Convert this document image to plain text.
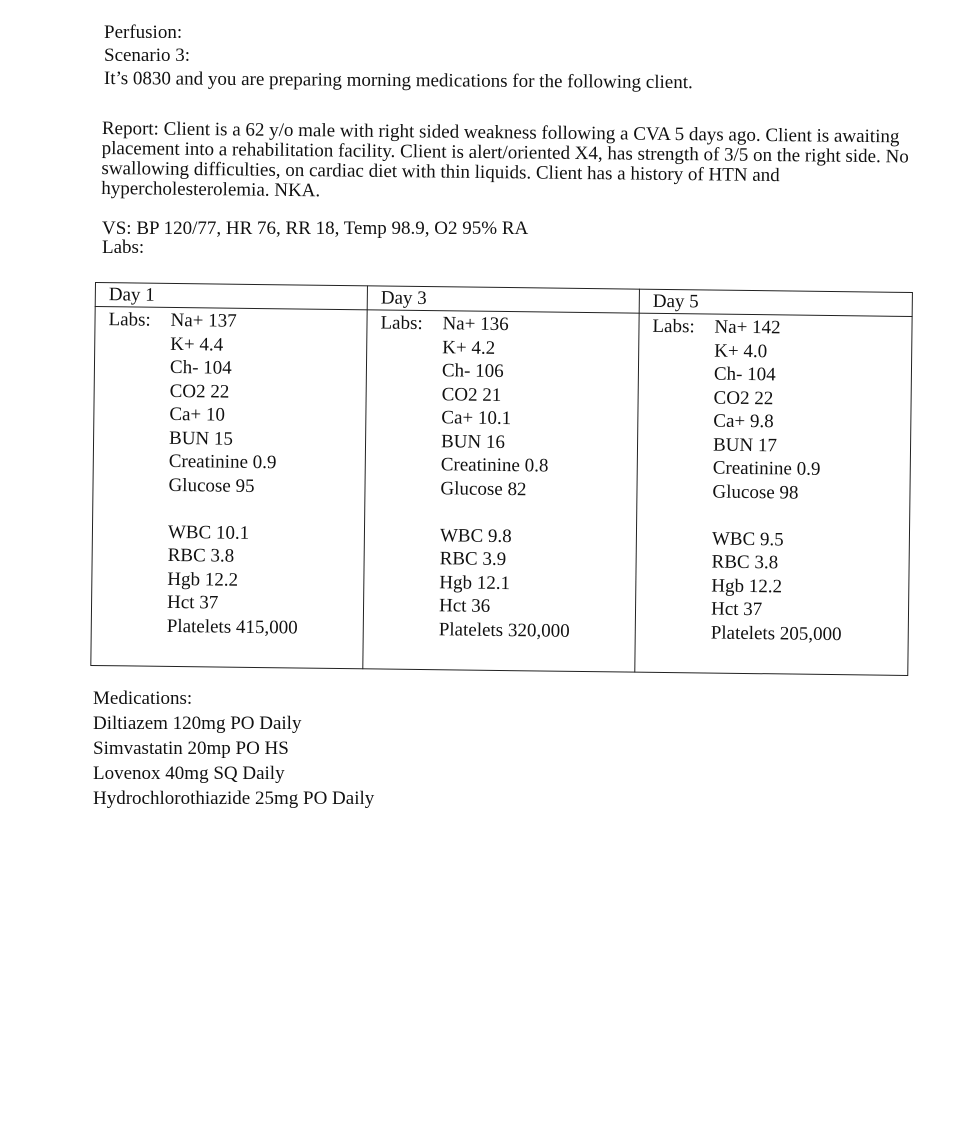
Perfusion:
Scenario 3:
It’s 0830 and you are preparing morning medications for the following client.

Report: Client is a 62 y/o male with right sided weakness following a CVA 5 days ago. Client is awaiting placement into a rehabilitation facility. Client is alert/oriented X4, has strength of 3/5 on the right side. No swallowing difficulties, on cardiac diet with thin liquids. Client has a history of HTN and hypercholesterolemia. NKA.

VS: BP 120/77, HR 76, RR 18, Temp 98.9, O2 95% RA
Labs:
Day 1
Labs: Na+ 137
K+ 4.4
Ch- 104
CO2 22
Ca+ 10
BUN 15
Creatinine 0.9
Glucose 95
WBC 10.1
RBC 3.8
Hgb 12.2
Hct 37
Platelets 415,000
Day 3
Labs: Na+ 136
K+ 4.2
Ch- 106
CO2 21
Ca+ 10.1
BUN 16
Creatinine 0.8
Glucose 82
WBC 9.8
RBC 3.9
Hgb 12.1
Hct 36
Platelets 320,000
Day 5
Labs: Na+ 142
K+ 4.0
Ch- 104
CO2 22
Ca+ 9.8
BUN 17
Creatinine 0.9
Glucose 98
WBC 9.5
RBC 3.8
Hgb 12.2
Hct 37
Platelets 205,000
Medications:
Diltiazem 120mg PO Daily
Simvastatin 20mp PO HS
Lovenox 40mg SQ Daily
Hydrochlorothiazide 25mg PO Daily
